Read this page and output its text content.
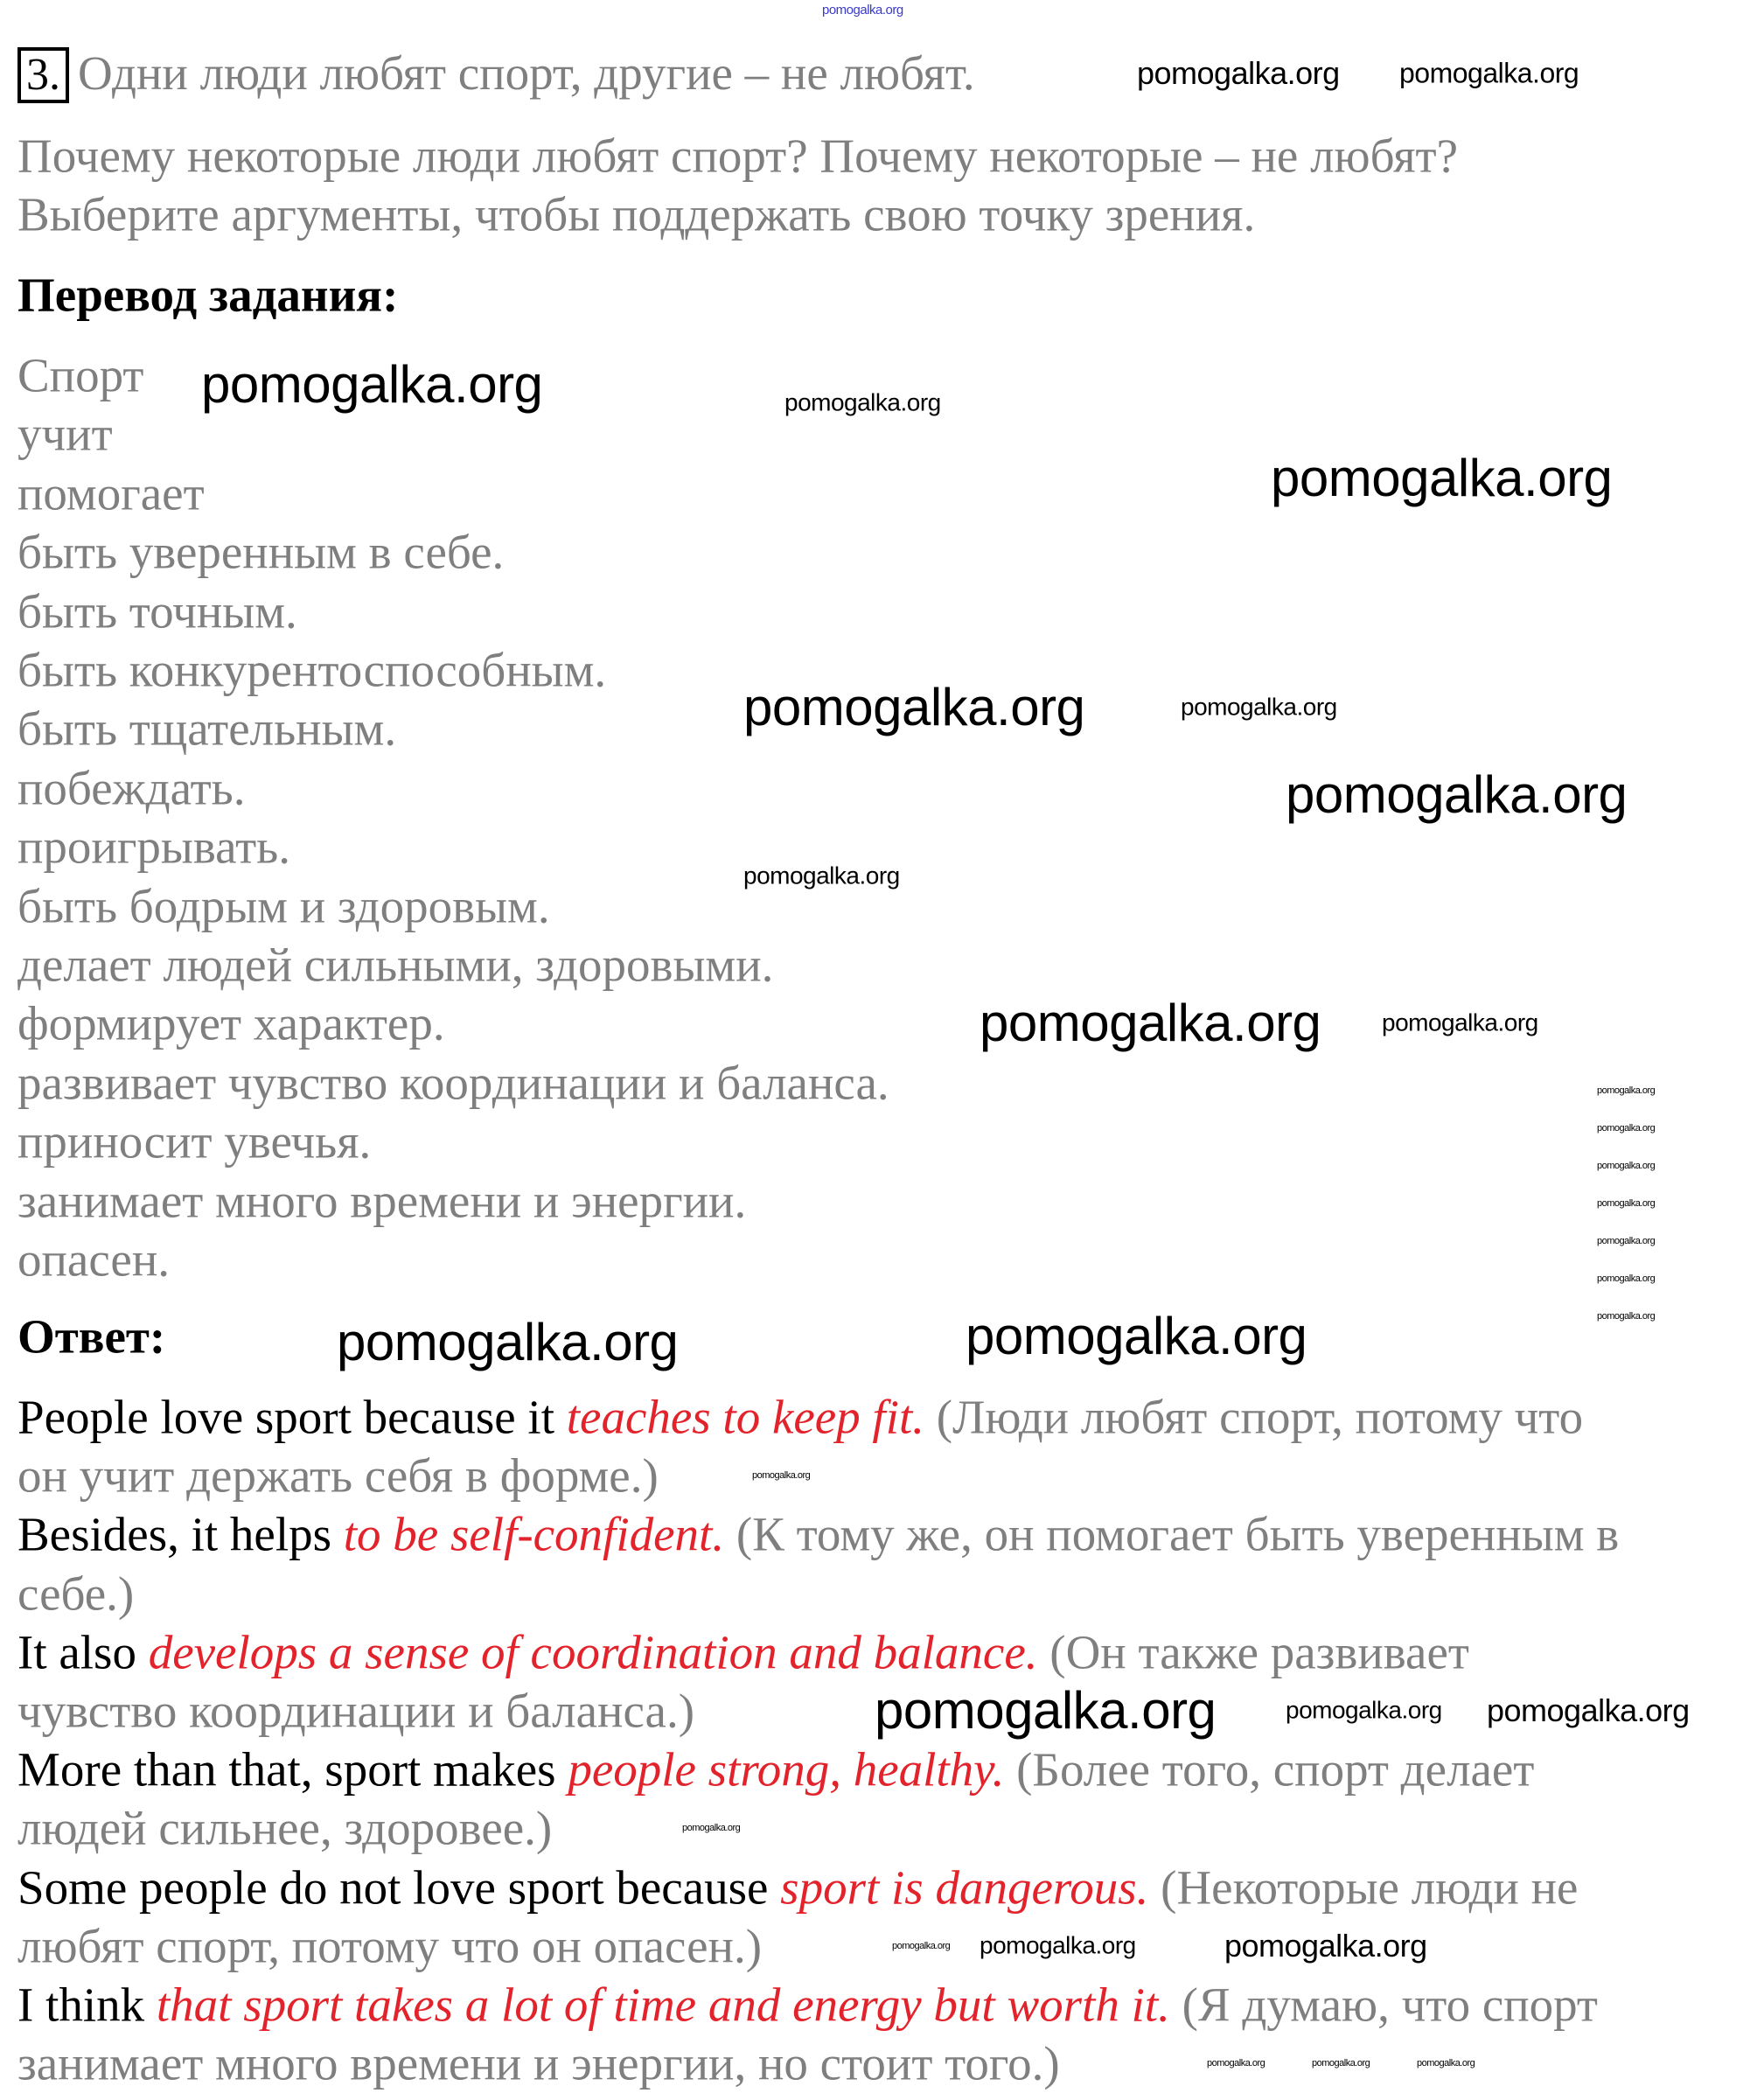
pomogalka.org
3. Одни люди любят спорт, другие – не любят.
Почему некоторые люди любят спорт? Почему некоторые – не любят?
Выберите аргументы, чтобы поддержать свою точку зрения.
Перевод задания:
Спорт
учит
помогает
быть уверенным в себе.
быть точным.
быть конкурентоспособным.
быть тщательным.
побеждать.
проигрывать.
быть бодрым и здоровым.
делает людей сильными, здоровыми.
формирует характер.
развивает чувство координации и баланса.
приносит увечья.
занимает много времени и энергии.
опасен.
Ответ:
People love sport because it teaches to keep fit. (Люди любят спорт, потому что
он учит держать себя в форме.)
Besides, it helps to be self-confident. (К тому же, он помогает быть уверенным в
себе.)
It also develops a sense of coordination and balance. (Он также развивает
чувство координации и баланса.)
More than that, sport makes people strong, healthy. (Более того, спорт делает
людей сильнее, здоровее.)
Some people do not love sport because sport is dangerous. (Некоторые люди не
любят спорт, потому что он опасен.)
I think that sport takes a lot of time and energy but worth it. (Я думаю, что спорт
занимает много времени и энергии, но стоит того.)
pomogalka.org pomogalka.org
pomogalka.org	pomogalka.org
pomogalka.org
pomogalka.org
pomogalka.org
pomogalka.org
pomogalka.org
pomogalka.org pomogalka.org
pomogalka.org
pomogalka.org
pomogalka.org
pomogalka.org
pomogalka.org
pomogalka.org
pomogalka.org
pomogalka.org
pomogalka.org
pomogalka.org
pomogalka.org
pomogalka.org	pomogalka.org
pomogalka.org
pomogalka.org pomogalka.org	pomogalka.org
pomogalka.org	pomogalka.org	pomogalka.org
